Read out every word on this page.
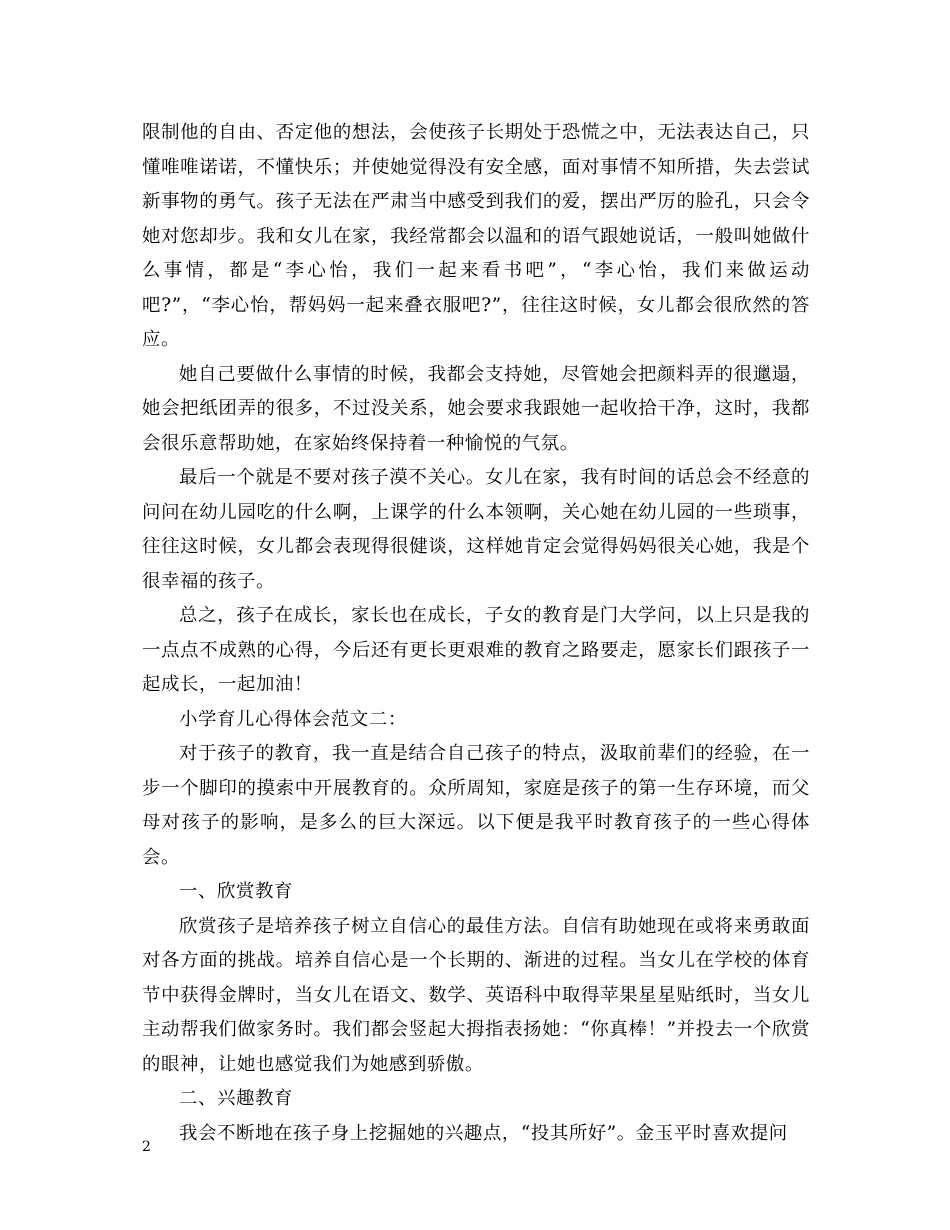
限制他的自由、否定他的想法，会使孩子长期处于恐慌之中，无法表达自己，只懂唯唯诺诺，不懂快乐；并使她觉得没有安全感，面对事情不知所措，失去尝试新事物的勇气。孩子无法在严肃当中感受到我们的爱，摆出严厉的脸孔，只会令她对您却步。我和女儿在家，我经常都会以温和的语气跟她说话，一般叫她做什么事情，都是“李心怡，我们一起来看书吧”，“李心怡，我们来做运动吧?”，“李心怡，帮妈妈一起来叠衣服吧?”，往往这时候，女儿都会很欣然的答应。

她自己要做什么事情的时候，我都会支持她，尽管她会把颜料弄的很邋遢，她会把纸团弄的很多，不过没关系，她会要求我跟她一起收拾干净，这时，我都会很乐意帮助她，在家始终保持着一种愉悦的气氛。

最后一个就是不要对孩子漠不关心。女儿在家，我有时间的话总会不经意的问问在幼儿园吃的什么啊，上课学的什么本领啊，关心她在幼儿园的一些琐事，往往这时候，女儿都会表现得很健谈，这样她肯定会觉得妈妈很关心她，我是个很幸福的孩子。

总之，孩子在成长，家长也在成长，子女的教育是门大学问，以上只是我的一点点不成熟的心得，今后还有更长更艰难的教育之路要走，愿家长们跟孩子一起成长，一起加油！

小学育儿心得体会范文二：

对于孩子的教育，我一直是结合自己孩子的特点，汲取前辈们的经验，在一步一个脚印的摸索中开展教育的。众所周知，家庭是孩子的第一生存环境，而父母对孩子的影响，是多么的巨大深远。以下便是我平时教育孩子的一些心得体会。

一、欣赏教育

欣赏孩子是培养孩子树立自信心的最佳方法。自信有助她现在或将来勇敢面对各方面的挑战。培养自信心是一个长期的、渐进的过程。当女儿在学校的体育节中获得金牌时，当女儿在语文、数学、英语科中取得苹果星星贴纸时，当女儿主动帮我们做家务时。我们都会竖起大拇指表扬她：“你真棒！”并投去一个欣赏的眼神，让她也感觉我们为她感到骄傲。

二、兴趣教育

我会不断地在孩子身上挖掘她的兴趣点，“投其所好”。金玉平时喜欢提问

2
